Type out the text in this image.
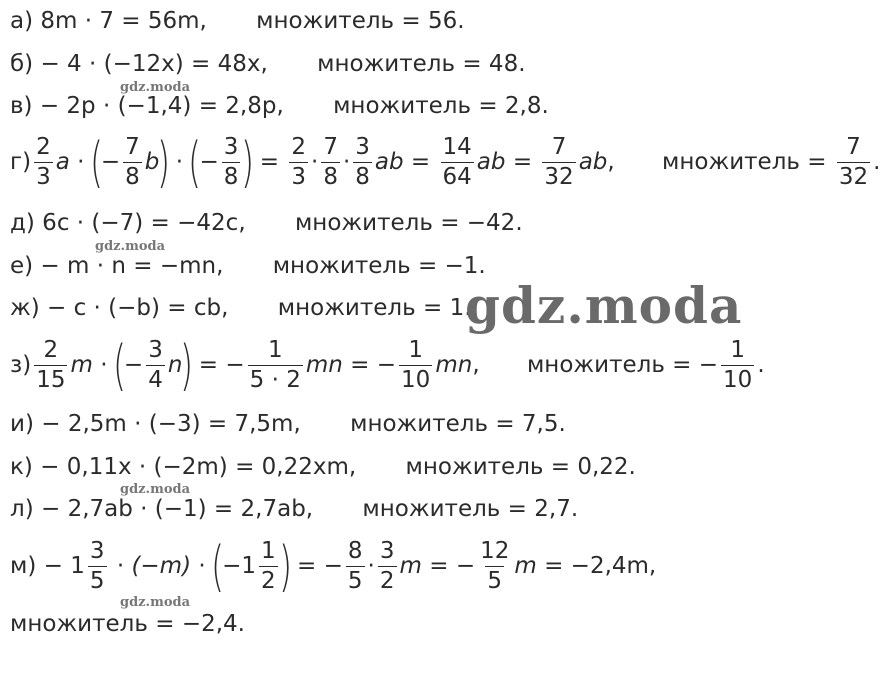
а) 8m · 7 = 56m, множитель = 56.
б) − 4 · (−12x) = 48x, множитель = 48.
в) − 2p · (−1,4) = 2,8p, множитель = 2,8.
$г) \frac{2}{3}$ a · (− $\frac{7}{8} b$) · (− $\frac{3}{8}$ ) = $\frac{2}{3} \cdot \frac{7}{8} \cdot \frac{3}{8}$ ab = $\frac{14}{64}$ ab = $\frac{7}{32}$ ab, множитель = $\frac{7}{32}$ .
д) 6c · (−7) = −42c, множитель = −42.
е) − m · n = −mn, множитель = −1.
ж) − c · (−b) = cb, множитель = 1.
$з) \frac{2}{15}$ m · (− $\frac{3}{4} n$) = − $\frac{1}{5 \cdot 2}$ mn = − $\frac{1}{10}$ mn, множитель = − $\frac{1}{10}$ .
и) − 2,5m · (−3) = 7,5m, множитель = 7,5.
к) − 0,11x · (−2m) = 0,22xm, множитель = 0,22.
л) − 2,7ab · (−1) = 2,7ab, множитель = 2,7.
$м) - 1 \frac{3}{5} \cdot (-m) \cdot (-1 \frac{1}{2}$ ) = − $\frac{8}{5} \cdot \frac{3}{2}$ m = − $\frac{12}{5}$ m = −2,4m,
множитель = −2,4.
gdz.moda
gdz.moda
gdz.moda
gdz.moda
gdz.moda
